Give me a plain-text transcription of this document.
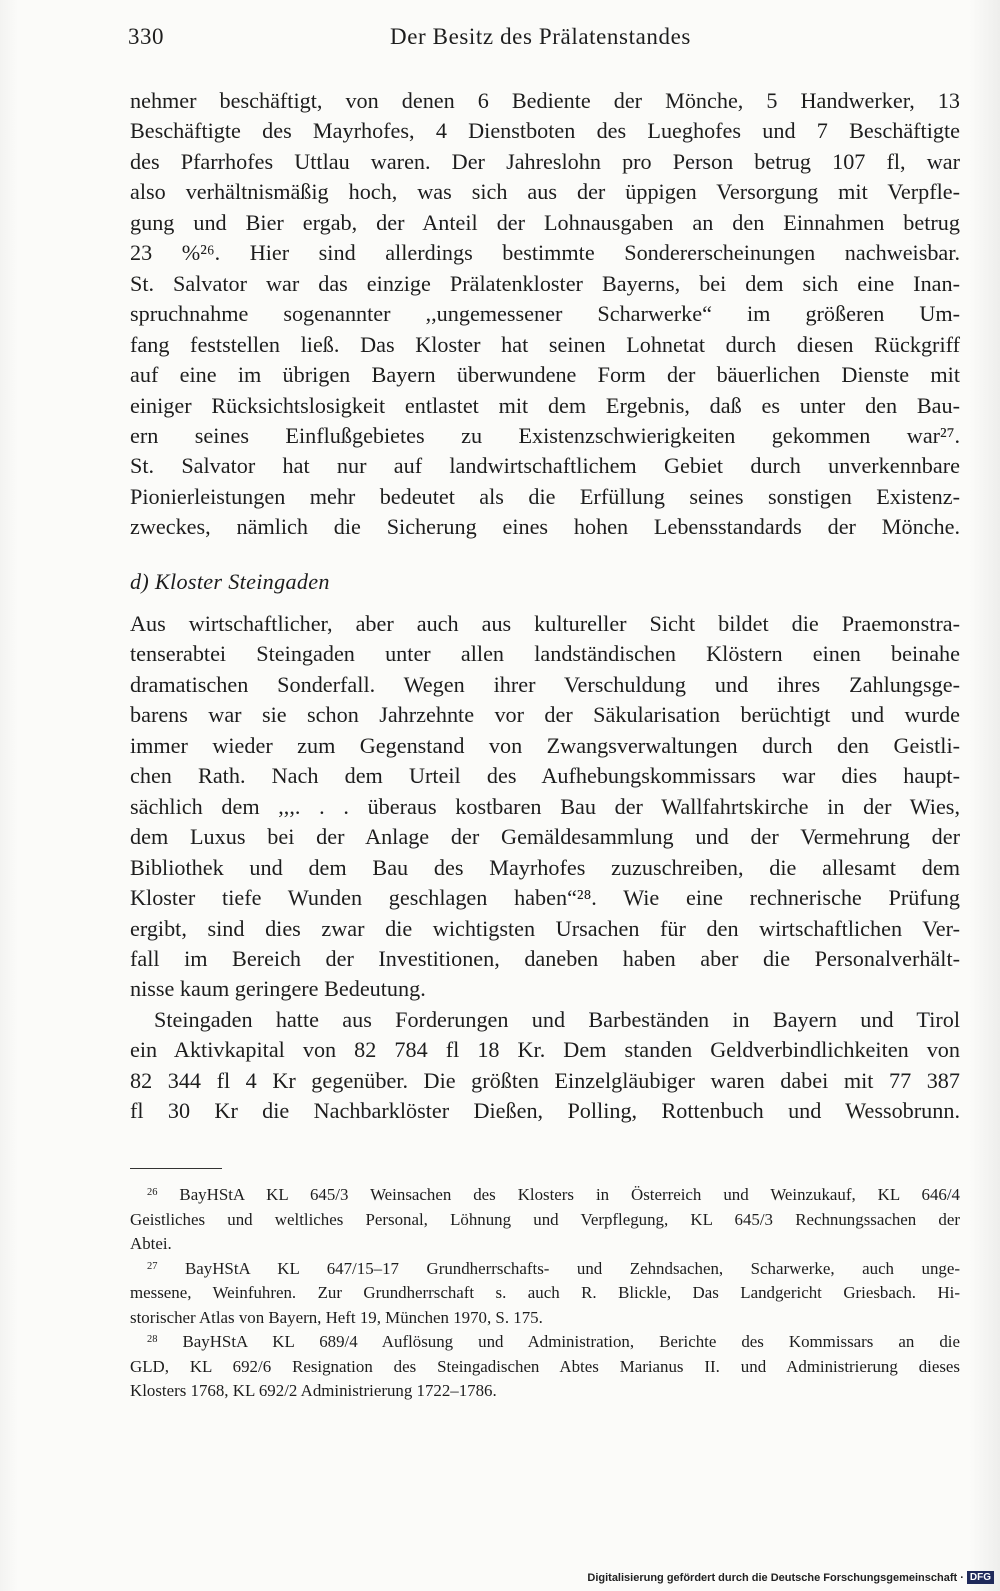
330	Der Besitz des Prälatenstandes
nehmer beschäftigt, von denen 6 Bediente der Mönche, 5 Handwerker, 13
Beschäftigte des Mayrhofes, 4 Dienstboten des Lueghofes und 7 Beschäftigte
des Pfarrhofes Uttlau waren. Der Jahreslohn pro Person betrug 107 fl, war
also verhältnismäßig hoch, was sich aus der üppigen Versorgung mit Verpfle-
gung und Bier ergab, der Anteil der Lohnausgaben an den Einnahmen betrug
23 %²⁶. Hier sind allerdings bestimmte Sondererscheinungen nachweisbar.
St. Salvator war das einzige Prälatenkloster Bayerns, bei dem sich eine Inan-
spruchnahme sogenannter ,,ungemessener Scharwerke“ im größeren Um-
fang feststellen ließ. Das Kloster hat seinen Lohnetat durch diesen Rückgriff
auf eine im übrigen Bayern überwundene Form der bäuerlichen Dienste mit
einiger Rücksichtslosigkeit entlastet mit dem Ergebnis, daß es unter den Bau-
ern seines Einflußgebietes zu Existenzschwierigkeiten gekommen war²⁷.
St. Salvator hat nur auf landwirtschaftlichem Gebiet durch unverkennbare
Pionierleistungen mehr bedeutet als die Erfüllung seines sonstigen Existenz-
zweckes, nämlich die Sicherung eines hohen Lebensstandards der Mönche.
d) Kloster Steingaden
Aus wirtschaftlicher, aber auch aus kultureller Sicht bildet die Praemonstra-
tenserabtei Steingaden unter allen landständischen Klöstern einen beinahe
dramatischen Sonderfall. Wegen ihrer Verschuldung und ihres Zahlungsge-
barens war sie schon Jahrzehnte vor der Säkularisation berüchtigt und wurde
immer wieder zum Gegenstand von Zwangsverwaltungen durch den Geistli-
chen Rath. Nach dem Urteil des Aufhebungskommissars war dies haupt-
sächlich dem ,,,. . . überaus kostbaren Bau der Wallfahrtskirche in der Wies,
dem Luxus bei der Anlage der Gemäldesammlung und der Vermehrung der
Bibliothek und dem Bau des Mayrhofes zuzuschreiben, die allesamt dem
Kloster tiefe Wunden geschlagen haben“²⁸. Wie eine rechnerische Prüfung
ergibt, sind dies zwar die wichtigsten Ursachen für den wirtschaftlichen Ver-
fall im Bereich der Investitionen, daneben haben aber die Personalverhält-
nisse kaum geringere Bedeutung.
Steingaden hatte aus Forderungen und Barbeständen in Bayern und Tirol
ein Aktivkapital von 82 784 fl 18 Kr. Dem standen Geldverbindlichkeiten von
82 344 fl 4 Kr gegenüber. Die größten Einzelgläubiger waren dabei mit 77 387
fl 30 Kr die Nachbarklöster Dießen, Polling, Rottenbuch und Wessobrunn.
$^{26}$ BayHStA KL 645/3 Weinsachen des Klosters in Österreich und Weinzukauf, KL 646/4
Geistliches und weltliches Personal, Löhnung und Verpflegung, KL 645/3 Rechnungssachen der
Abtei.
$^{27}$ BayHStA KL 647/15–17 Grundherrschafts- und Zehndsachen, Scharwerke, auch unge-
messene, Weinfuhren. Zur Grundherrschaft s. auch R. Blickle, Das Landgericht Griesbach. Hi-
storischer Atlas von Bayern, Heft 19, München 1970, S. 175.
$^{28}$ BayHStA KL 689/4 Auflösung und Administration, Berichte des Kommissars an die
GLD, KL 692/6 Resignation des Steingadischen Abtes Marianus II. und Administrierung dieses
Klosters 1768, KL 692/2 Administrierung 1722–1786.
Digitalisierung gefördert durch die Deutsche Forschungsgemeinschaft · DFG
